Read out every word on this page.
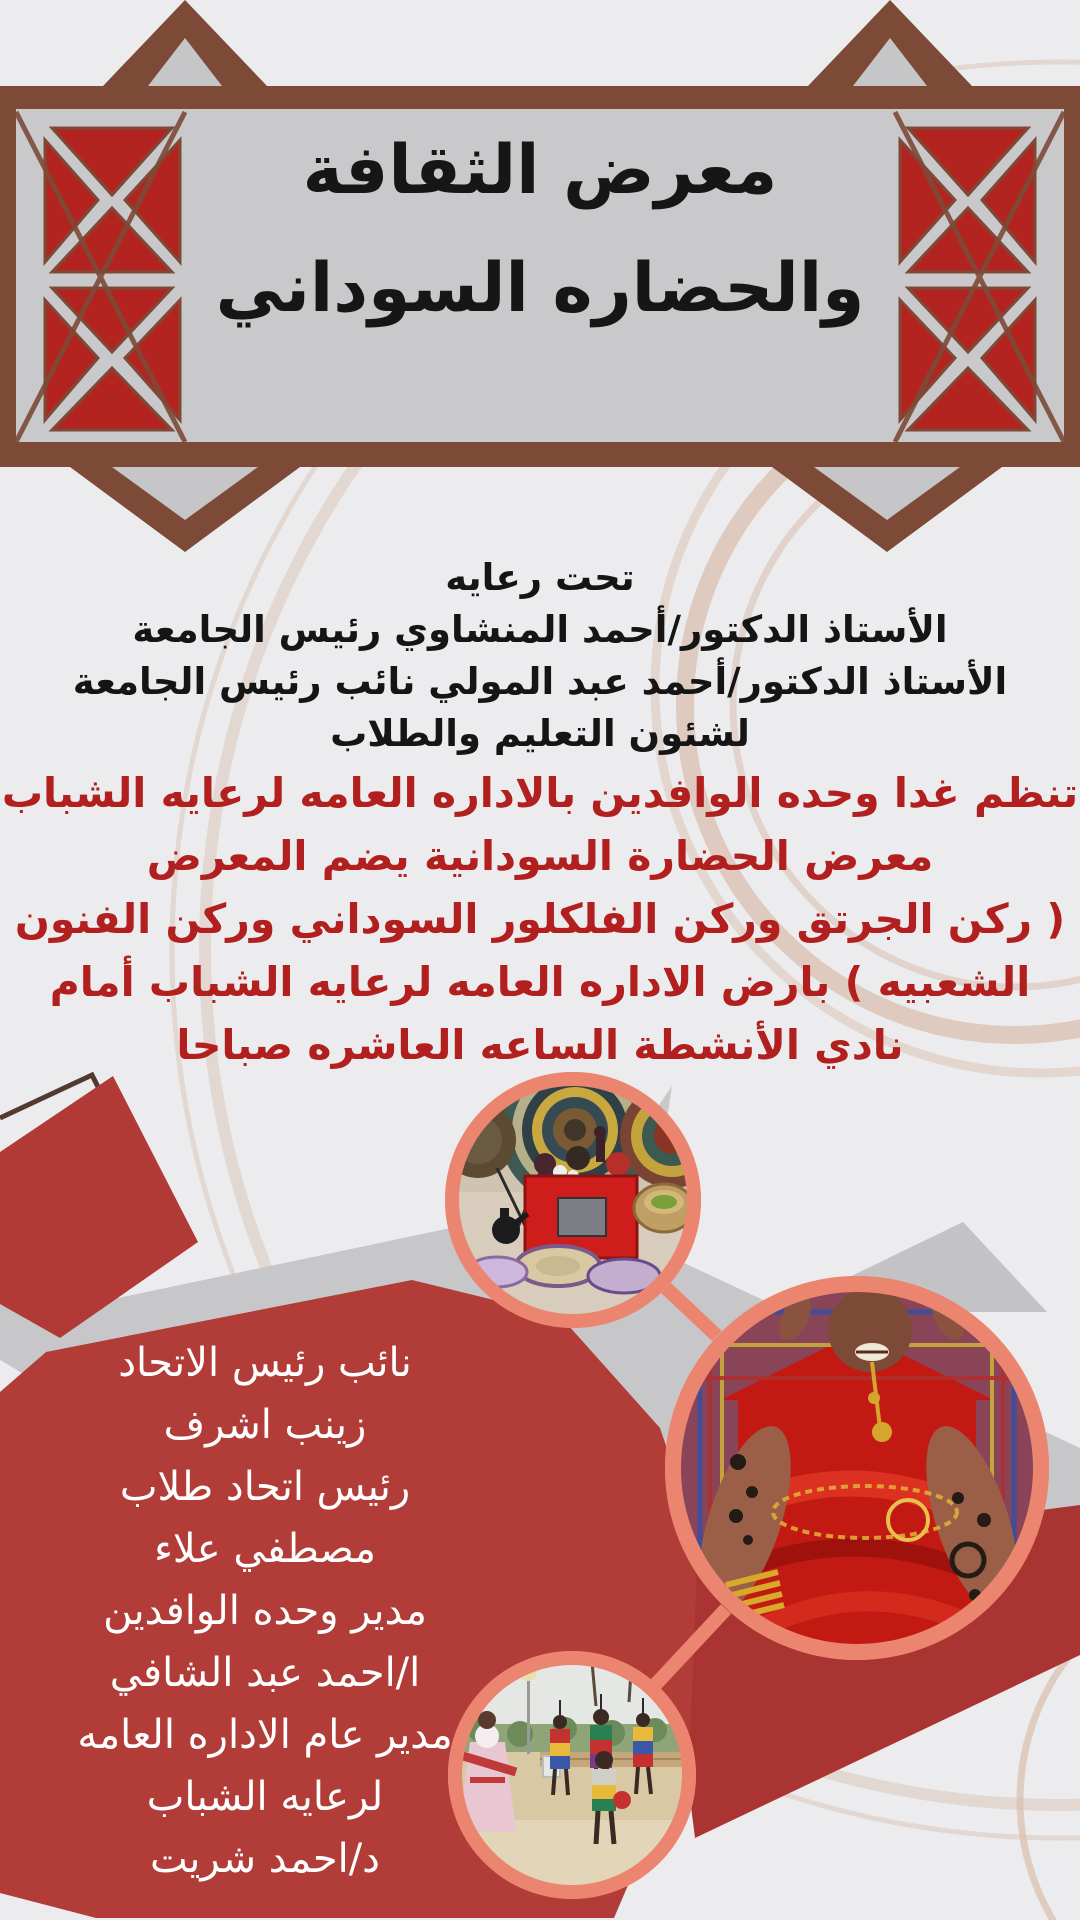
معرض الثقافة
والحضاره السوداني
تحت رعايه
الأستاذ الدكتور/أحمد المنشاوي رئيس الجامعة
الأستاذ الدكتور/أحمد عبد المولي نائب رئيس الجامعة
لشئون التعليم والطلاب
تنظم غدا وحده الوافدين بالاداره العامه لرعايه الشباب
معرض الحضارة السودانية يضم المعرض
( ركن الجرتق وركن الفلكلور السوداني وركن الفنون
الشعبيه ) بارض الاداره العامه لرعايه الشباب أمام
نادي الأنشطة الساعه العاشره صباحا
نائب رئيس الاتحاد
زينب اشرف
رئيس اتحاد طلاب
مصطفي علاء
مدير وحده الوافدين
ا/احمد عبد الشافي
مدير عام الاداره العامه
لرعايه الشباب
د/احمد شريت
